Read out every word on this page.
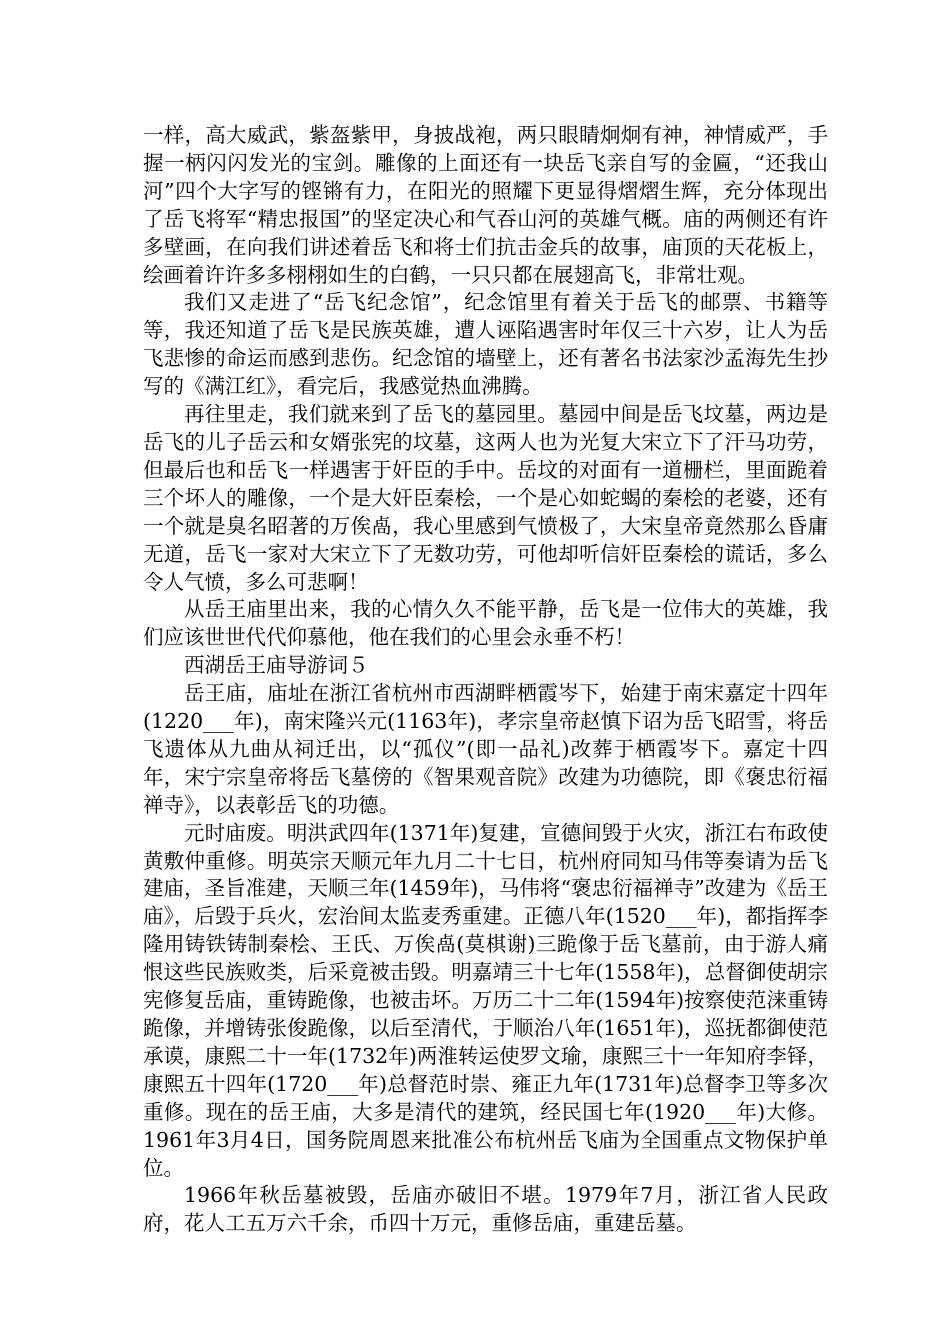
一样，高大威武，紫盔紫甲，身披战袍，两只眼睛炯炯有神，神情威严，手握一柄闪闪发光的宝剑。雕像的上面还有一块岳飞亲自写的金匾，“还我山河”四个大字写的铿锵有力，在阳光的照耀下更显得熠熠生辉，充分体现出了岳飞将军“精忠报国”的坚定决心和气吞山河的英雄气概。庙的两侧还有许多壁画，在向我们讲述着岳飞和将士们抗击金兵的故事，庙顶的天花板上，绘画着许许多多栩栩如生的白鹤，一只只都在展翅高飞，非常壮观。

我们又走进了“岳飞纪念馆”，纪念馆里有着关于岳飞的邮票、书籍等等，我还知道了岳飞是民族英雄，遭人诬陷遇害时年仅三十六岁，让人为岳飞悲惨的命运而感到悲伤。纪念馆的墙壁上，还有著名书法家沙孟海先生抄写的《满江红》，看完后，我感觉热血沸腾。

再往里走，我们就来到了岳飞的墓园里。墓园中间是岳飞坟墓，两边是岳飞的儿子岳云和女婿张宪的坟墓，这两人也为光复大宋立下了汗马功劳，但最后也和岳飞一样遇害于奸臣的手中。岳坟的对面有一道栅栏，里面跪着三个坏人的雕像，一个是大奸臣秦桧，一个是心如蛇蝎的秦桧的老婆，还有一个就是臭名昭著的万俟卨，我心里感到气愤极了，大宋皇帝竟然那么昏庸无道，岳飞一家对大宋立下了无数功劳，可他却听信奸臣秦桧的谎话，多么令人气愤，多么可悲啊！

从岳王庙里出来，我的心情久久不能平静，岳飞是一位伟大的英雄，我们应该世世代代仰慕他，他在我们的心里会永垂不朽！

西湖岳王庙导游词５

岳王庙，庙址在浙江省杭州市西湖畔栖霞岑下，始建于南宋嘉定十四年(1220___年)，南宋隆兴元(1163年)，孝宗皇帝赵慎下诏为岳飞昭雪，将岳飞遗体从九曲从祠迁出，以“孤仪”(即一品礼)改葬于栖霞岑下。嘉定十四年，宋宁宗皇帝将岳飞墓傍的《智果观音院》改建为功德院，即《褒忠衍福禅寺》，以表彰岳飞的功德。

元时庙废。明洪武四年(1371年)复建，宣德间毁于火灾，浙江右布政使黄敷仲重修。明英宗天顺元年九月二十七日，杭州府同知马伟等奏请为岳飞建庙，圣旨准建，天顺三年(1459年)，马伟将“褒忠衍福禅寺”改建为《岳王庙》，后毁于兵火，宏治间太监麦秀重建。正德八年(1520___年)，都指挥李隆用铸铁铸制秦桧、王氏、万俟卨(莫棋谢)三跪像于岳飞墓前，由于游人痛恨这些民族败类，后采竟被击毁。明嘉靖三十七年(1558年)，总督御使胡宗宪修复岳庙，重铸跪像，也被击坏。万历二十二年(1594年)按察使范涞重铸跪像，并增铸张俊跪像，以后至清代，于顺治八年(1651年)，巡抚都御使范承谟，康熙二十一年(1732年)两淮转运使罗文瑜，康熙三十一年知府李铎，康熙五十四年(1720___年)总督范时崇、雍正九年(1731年)总督李卫等多次重修。现在的岳王庙，大多是清代的建筑，经民国七年(1920___年)大修。1961年3月4日，国务院周恩来批准公布杭州岳飞庙为全国重点文物保护单位。

1966年秋岳墓被毁，岳庙亦破旧不堪。1979年7月，浙江省人民政府，花人工五万六千余，币四十万元，重修岳庙，重建岳墓。
